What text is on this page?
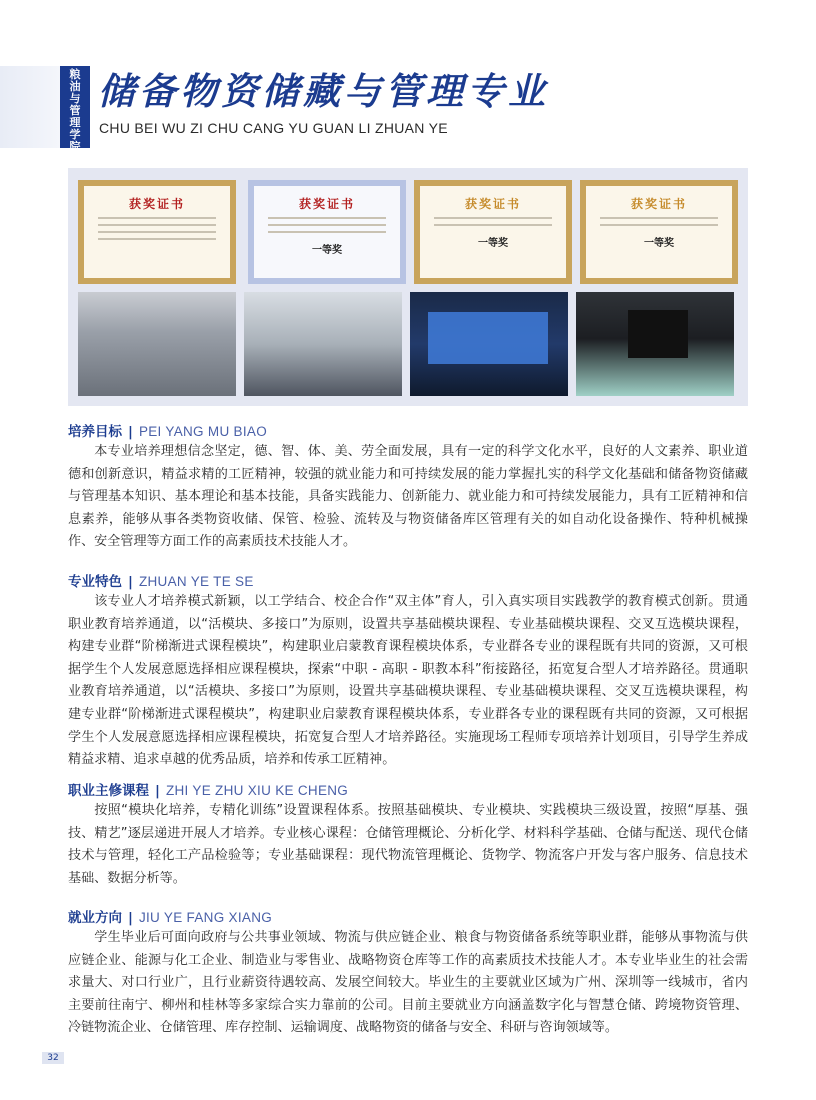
粮
油
与
管
理
学
院
储备物资储藏与管理专业
CHU BEI WU ZI CHU CANG YU GUAN LI ZHUAN YE
获奖证书	获奖证书
一等奖
获奖证书
一等奖
获奖证书
一等奖
培养目标 | PEI YANG MU BIAO

本专业培养理想信念坚定，德、智、体、美、劳全面发展，具有一定的科学文化水平，良好的人文素养、职业道德和创新意识，精益求精的工匠精神，较强的就业能力和可持续发展的能力掌握扎实的科学文化基础和储备物资储藏与管理基本知识、基本理论和基本技能，具备实践能力、创新能力、就业能力和可持续发展能力，具有工匠精神和信息素养，能够从事各类物资收储、保管、检验、流转及与物资储备库区管理有关的如自动化设备操作、特种机械操作、安全管理等方面工作的高素质技术技能人才。

专业特色 | ZHUAN YE TE SE

该专业人才培养模式新颖，以工学结合、校企合作“双主体”育人，引入真实项目实践教学的教育模式创新。贯通职业教育培养通道，以“活模块、多接口”为原则，设置共享基础模块课程、专业基础模块课程、交叉互选模块课程，构建专业群“阶梯渐进式课程模块”，构建职业启蒙教育课程模块体系，专业群各专业的课程既有共同的资源，又可根据学生个人发展意愿选择相应课程模块，探索“中职 - 高职 - 职教本科”衔接路径，拓宽复合型人才培养路径。贯通职业教育培养通道，以“活模块、多接口”为原则，设置共享基础模块课程、专业基础模块课程、交叉互选模块课程，构建专业群“阶梯渐进式课程模块”，构建职业启蒙教育课程模块体系，专业群各专业的课程既有共同的资源，又可根据学生个人发展意愿选择相应课程模块，拓宽复合型人才培养路径。实施现场工程师专项培养计划项目，引导学生养成精益求精、追求卓越的优秀品质，培养和传承工匠精神。

职业主修课程 | ZHI YE ZHU XIU KE CHENG

按照“模块化培养，专精化训练”设置课程体系。按照基础模块、专业模块、实践模块三级设置，按照“厚基、强技、精艺”逐层递进开展人才培养。专业核心课程：仓储管理概论、分析化学、材料科学基础、仓储与配送、现代仓储技术与管理，轻化工产品检验等；专业基础课程：现代物流管理概论、货物学、物流客户开发与客户服务、信息技术基础、数据分析等。

就业方向 | JIU YE FANG XIANG

学生毕业后可面向政府与公共事业领域、物流与供应链企业、粮食与物资储备系统等职业群，能够从事物流与供应链企业、能源与化工企业、制造业与零售业、战略物资仓库等工作的高素质技术技能人才。本专业毕业生的社会需求量大、对口行业广，且行业薪资待遇较高、发展空间较大。毕业生的主要就业区域为广州、深圳等一线城市，省内主要前往南宁、柳州和桂林等多家综合实力靠前的公司。目前主要就业方向涵盖数字化与智慧仓储、跨境物资管理、冷链物流企业、仓储管理、库存控制、运输调度、战略物资的储备与安全、科研与咨询领域等。

32
